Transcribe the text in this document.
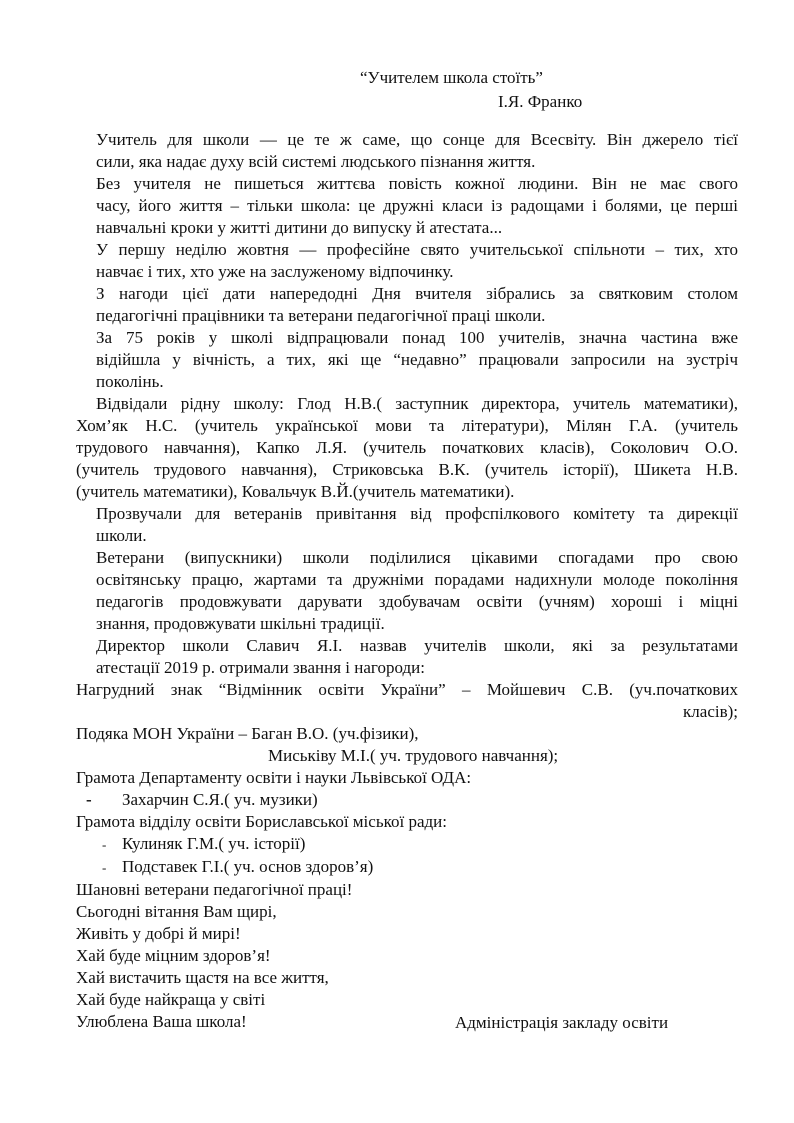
“Учителем школа стоїть”
І.Я. Франко

Учитель для школи — це те ж саме, що сонце для Всесвіту. Він джерело тієї
сили, яка надає духу всій системі людського пізнання життя.

Без учителя не пишеться життєва повість кожної людини. Він не має свого
часу, його життя – тільки школа: це дружні класи із радощами і болями, це перші
навчальні кроки у житті дитини до випуску й атестата...

У першу неділю жовтня — професійне свято учительської спільноти – тих, хто
навчає і тих, хто уже на заслуженому відпочинку.

З нагоди цієї дати напередодні Дня вчителя зібрались за святковим столом
педагогічні працівники та ветерани педагогічної праці школи.

За 75 років у школі відпрацювали понад 100 учителів, значна частина вже
відійшла у вічність, а тих, які ще “недавно” працювали запросили на зустріч
поколінь.

Відвідали рідну школу: Глод Н.В.( заступник директора, учитель математики),
Хом’як Н.С. (учитель української мови та літератури), Мілян Г.А. (учитель
трудового навчання), Капко Л.Я. (учитель початкових класів), Соколович О.О.
(учитель трудового навчання), Стриковська В.К. (учитель історії), Шикета Н.В.
(учитель математики), Ковальчук В.Й.(учитель математики).

Прозвучали для ветеранів привітання від профспілкового комітету та дирекції
школи.

Ветерани (випускники) школи поділилися цікавими спогадами про свою
освітянську працю, жартами та дружніми порадами надихнули молоде покоління
педагогів продовжувати дарувати здобувачам освіти (учням) хороші і міцні
знання, продовжувати шкільні традиції.

Директор школи Славич Я.І. назвав учителів школи, які за результатами
атестації 2019 р. отримали звання і нагороди:

Нагрудний знак “Відмінник освіти України” – Мойшевич С.В. (уч.початкових
класів);
Подяка МОН України – Баган В.О. (уч.фізики),
Миськіву М.І.( уч. трудового навчання);
Грамота Департаменту освіти і науки Львівської ОДА:
- Захарчин С.Я.( уч. музики)
Грамота відділу освіти Бориславської міської ради:
- Кулиняк Г.М.( уч. історії)
- Подставек Г.І.( уч. основ здоров’я)
Шановні ветерани педагогічної праці!
Сьогодні вітання Вам щирі,
Живіть у добрі й мирі!
Хай буде міцним здоров’я!
Хай вистачить щастя на все життя,
Хай буде найкраща у світі
Улюблена Ваша школа!	Адміністрація закладу освіти
